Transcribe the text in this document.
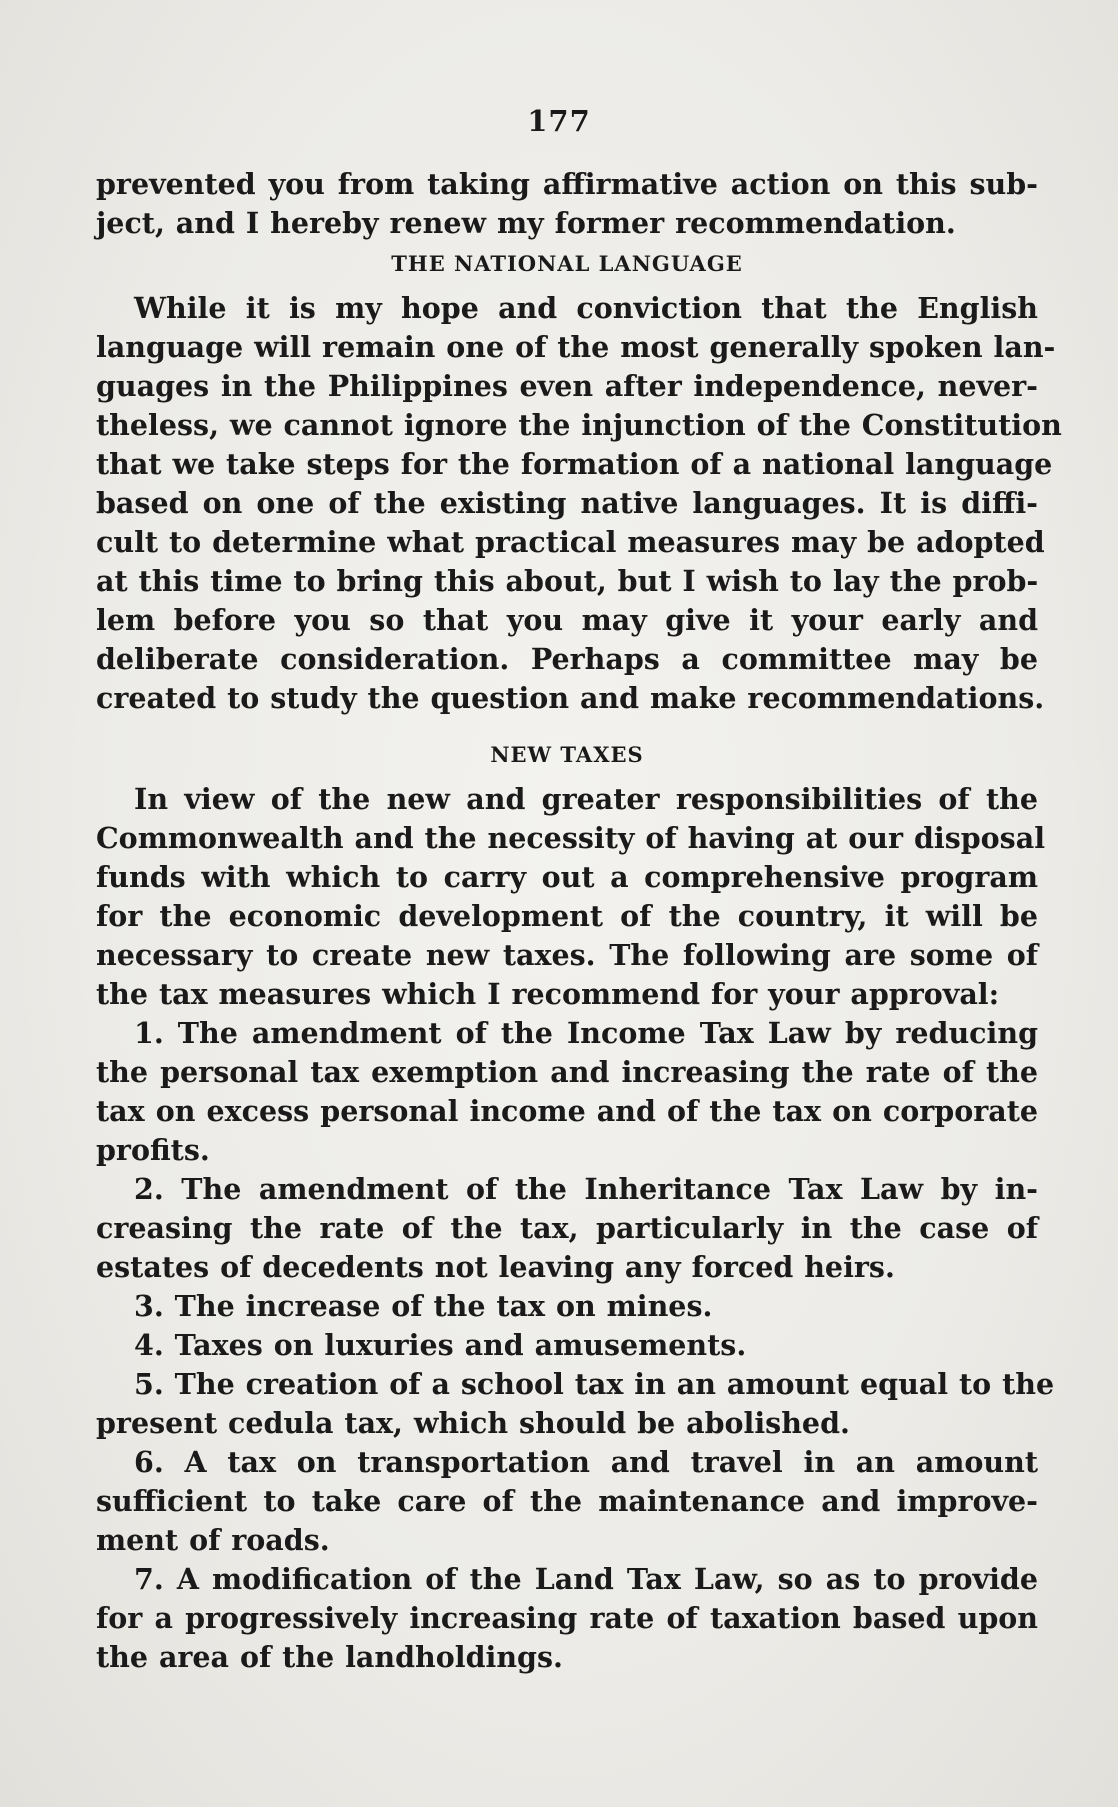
177
prevented you from taking affirmative action on this sub-
ject, and I hereby renew my former recommendation.
THE NATIONAL LANGUAGE
While it is my hope and conviction that the English
language will remain one of the most generally spoken lan-
guages in the Philippines even after independence, never-
theless, we cannot ignore the injunction of the Constitution
that we take steps for the formation of a national language
based on one of the existing native languages. It is diffi-
cult to determine what practical measures may be adopted
at this time to bring this about, but I wish to lay the prob-
lem before you so that you may give it your early and
deliberate consideration. Perhaps a committee may be
created to study the question and make recommendations.
NEW TAXES
In view of the new and greater responsibilities of the
Commonwealth and the necessity of having at our disposal
funds with which to carry out a comprehensive program
for the economic development of the country, it will be
necessary to create new taxes. The following are some of
the tax measures which I recommend for your approval:
1. The amendment of the Income Tax Law by reducing
the personal tax exemption and increasing the rate of the
tax on excess personal income and of the tax on corporate
profits.
2. The amendment of the Inheritance Tax Law by in-
creasing the rate of the tax, particularly in the case of
estates of decedents not leaving any forced heirs.
3. The increase of the tax on mines.
4. Taxes on luxuries and amusements.
5. The creation of a school tax in an amount equal to the
present cedula tax, which should be abolished.
6. A tax on transportation and travel in an amount
sufficient to take care of the maintenance and improve-
ment of roads.
7. A modification of the Land Tax Law, so as to provide
for a progressively increasing rate of taxation based upon
the area of the landholdings.
